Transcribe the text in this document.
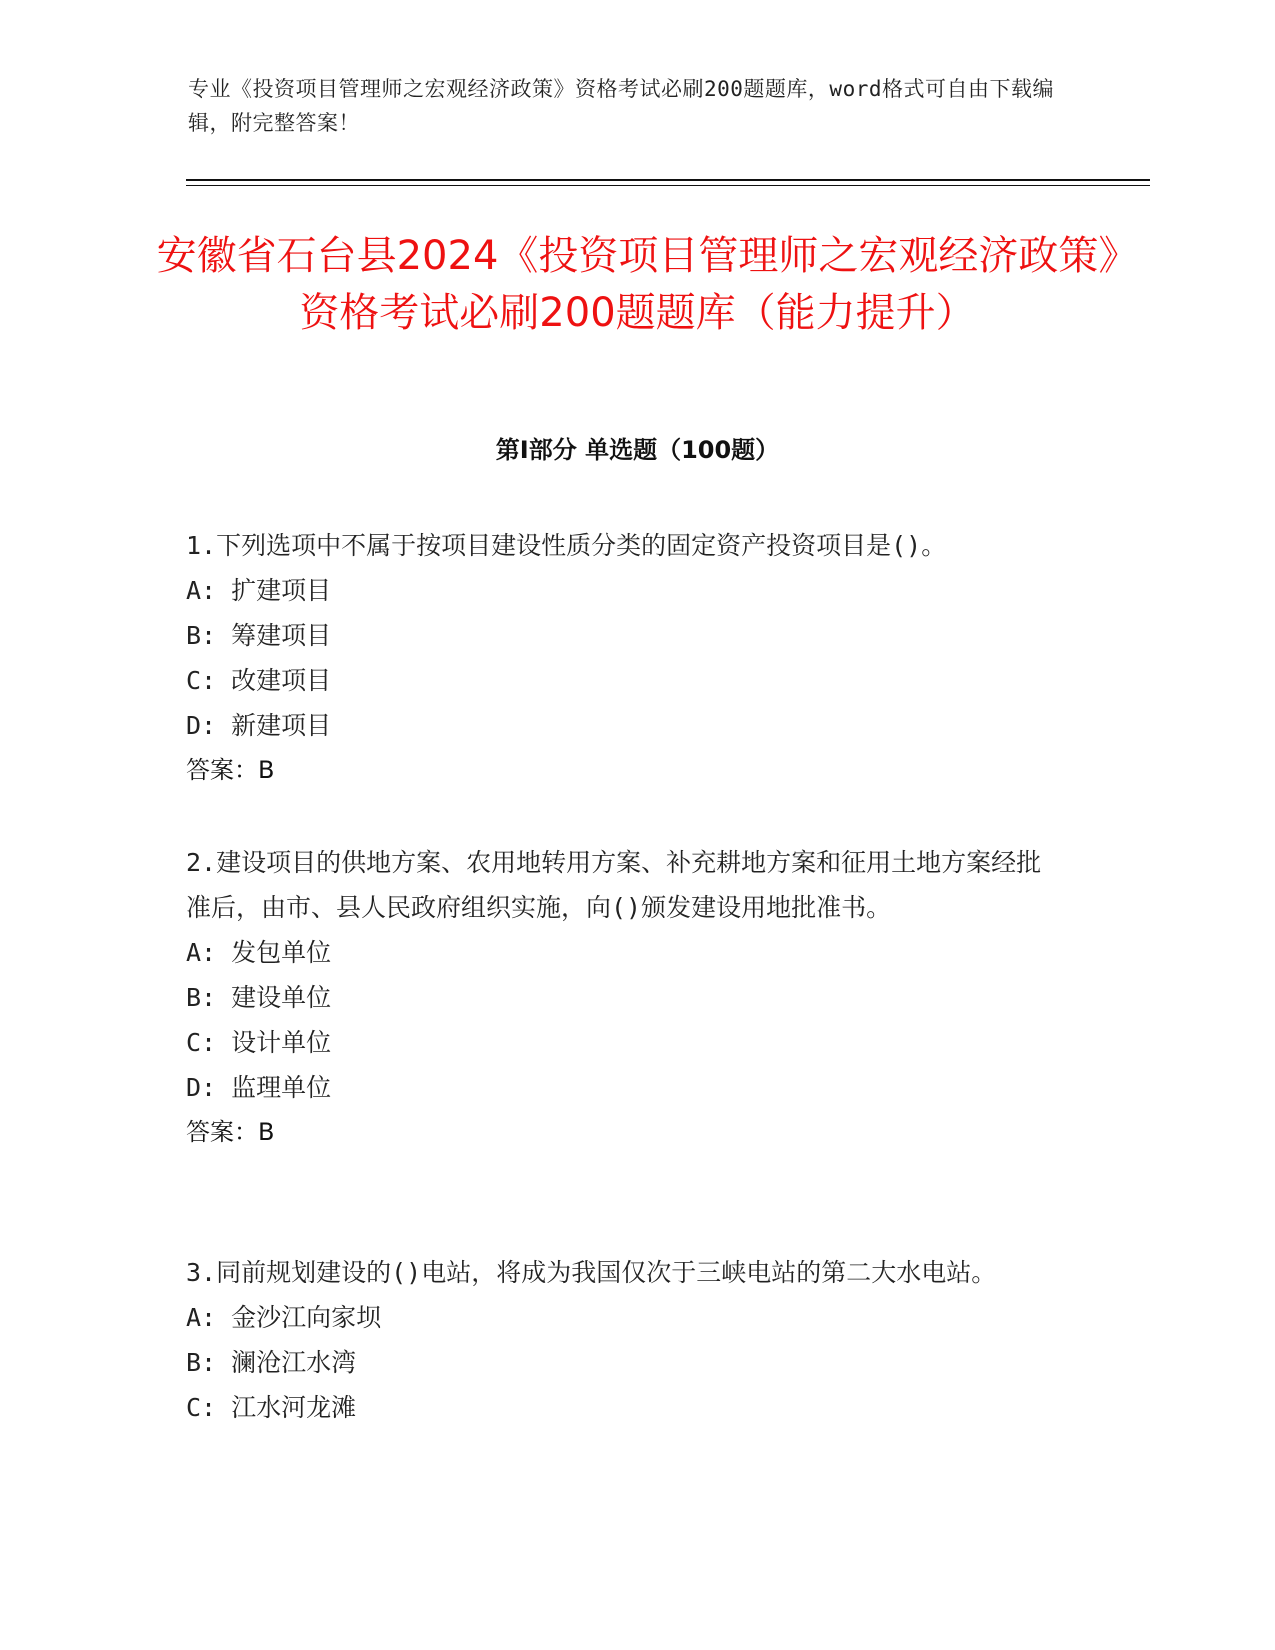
专业《投资项目管理师之宏观经济政策》资格考试必刷200题题库，word格式可自由下载编辑，附完整答案！
安徽省石台县2024《投资项目管理师之宏观经济政策》资格考试必刷200题题库（能力提升）
第I部分 单选题（100题）
1.下列选项中不属于按项目建设性质分类的固定资产投资项目是()。
A: 扩建项目
B: 筹建项目
C: 改建项目
D: 新建项目
答案：B
2.建设项目的供地方案、农用地转用方案、补充耕地方案和征用土地方案经批准后，由市、县人民政府组织实施，向()颁发建设用地批准书。
A: 发包单位
B: 建设单位
C: 设计单位
D: 监理单位
答案：B
3.同前规划建设的()电站，将成为我国仅次于三峡电站的第二大水电站。
A: 金沙江向家坝
B: 澜沧江水湾
C: 江水河龙滩
